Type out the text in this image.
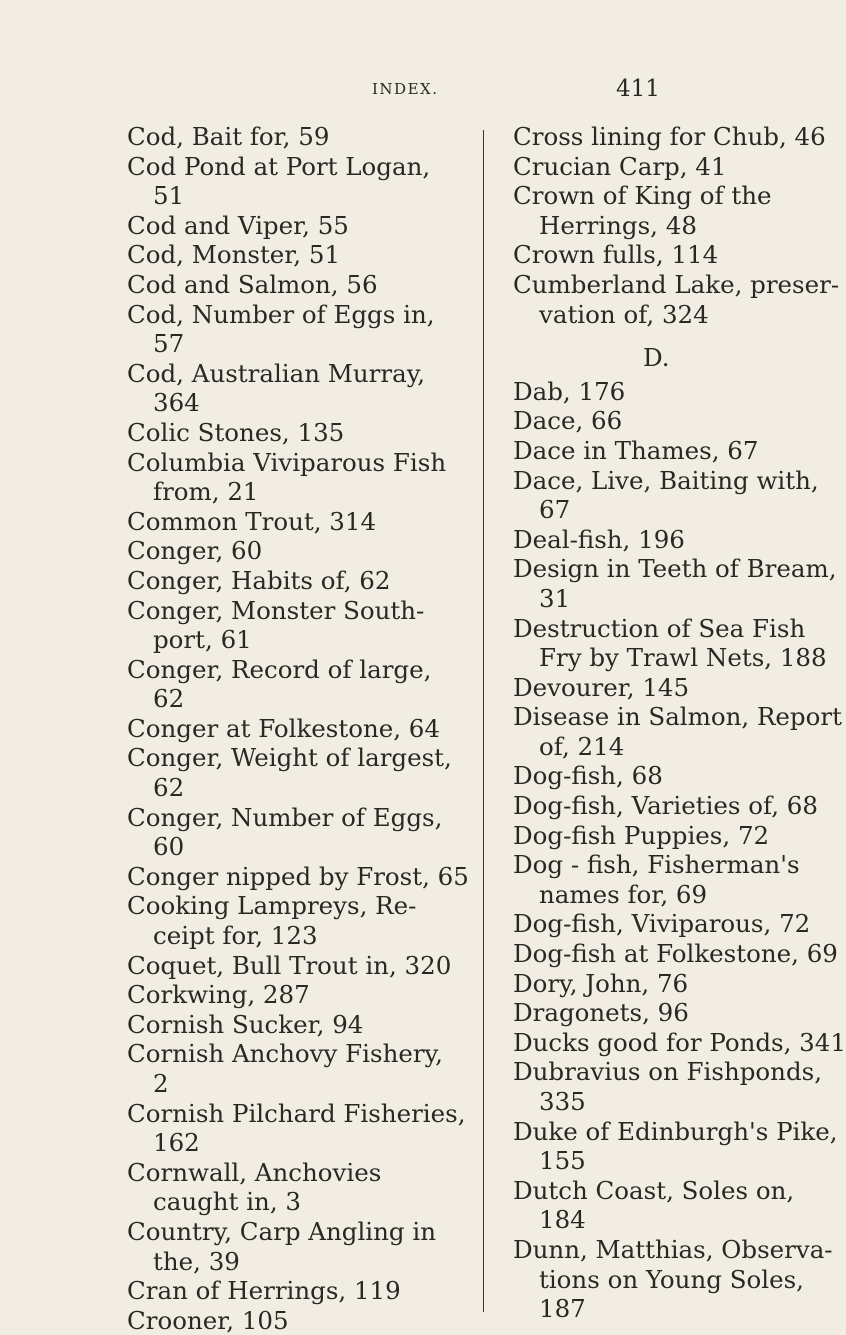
INDEX.	411
Cod, Bait for, 59
Cod Pond at Port Logan,
51
Cod and Viper, 55
Cod, Monster, 51
Cod and Salmon, 56
Cod, Number of Eggs in,
57
Cod, Australian Murray,
364
Colic Stones, 135
Columbia Viviparous Fish
from, 21
Common Trout, 314
Conger, 60
Conger, Habits of, 62
Conger, Monster South-
port, 61
Conger, Record of large,
62
Conger at Folkestone, 64
Conger, Weight of largest,
62
Conger, Number of Eggs,
60
Conger nipped by Frost, 65
Cooking Lampreys, Re-
ceipt for, 123
Coquet, Bull Trout in, 320
Corkwing, 287
Cornish Sucker, 94
Cornish Anchovy Fishery,
2
Cornish Pilchard Fisheries,
162
Cornwall, Anchovies
caught in, 3
Country, Carp Angling in
the, 39
Cran of Herrings, 119
Crooner, 105
Cross lining for Chub, 46
Crucian Carp, 41
Crown of King of the
Herrings, 48
Crown fulls, 114
Cumberland Lake, preser-
vation of, 324
D.
Dab, 176
Dace, 66
Dace in Thames, 67
Dace, Live, Baiting with,
67
Deal-fish, 196
Design in Teeth of Bream,
31
Destruction of Sea Fish
Fry by Trawl Nets, 188
Devourer, 145
Disease in Salmon, Report
of, 214
Dog-fish, 68
Dog-fish, Varieties of, 68
Dog-fish Puppies, 72
Dog - fish, Fisherman's
names for, 69
Dog-fish, Viviparous, 72
Dog-fish at Folkestone, 69
Dory, John, 76
Dragonets, 96
Ducks good for Ponds, 341
Dubravius on Fishponds,
335
Duke of Edinburgh's Pike,
155
Dutch Coast, Soles on,
184
Dunn, Matthias, Observa-
tions on Young Soles,
187
